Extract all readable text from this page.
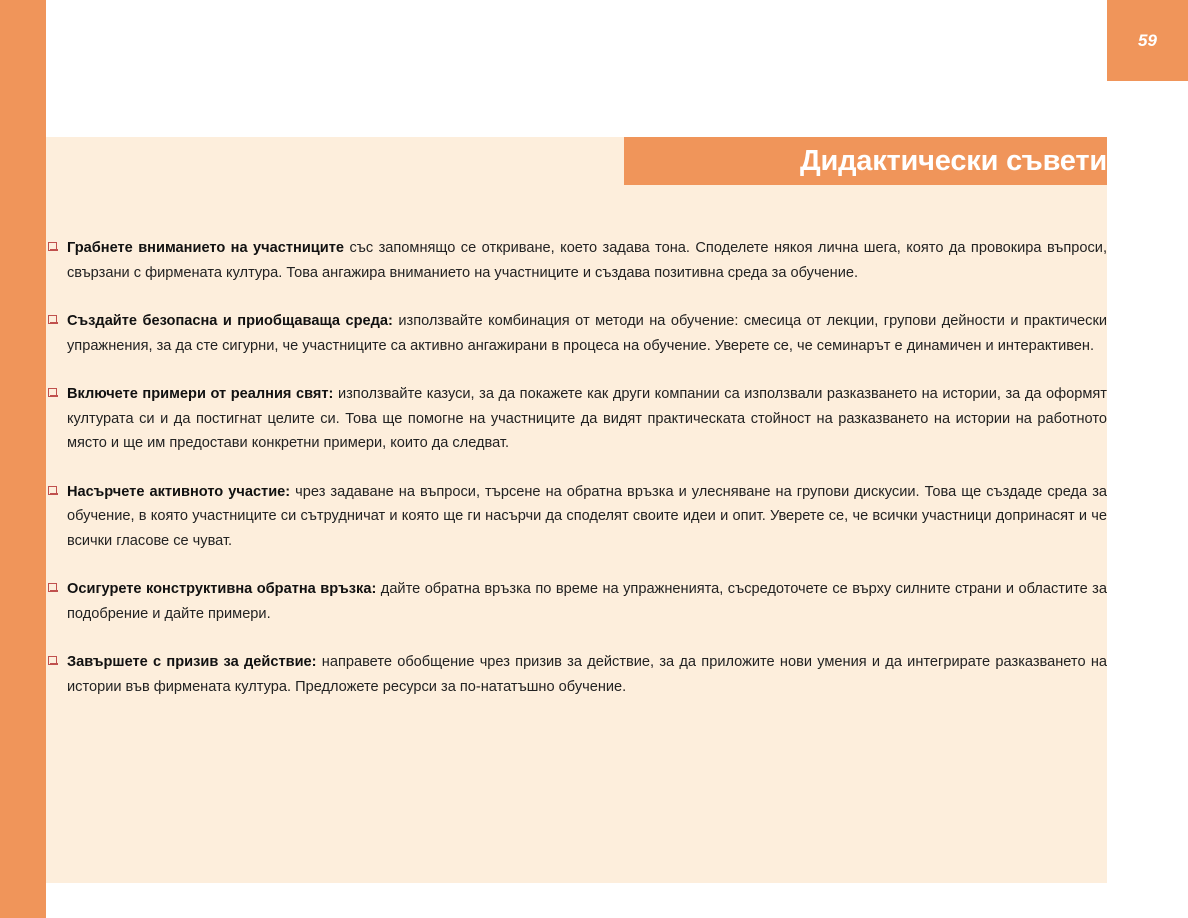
59
Дидактически съвети
Грабнете вниманието на участниците със запомнящо се откриване, което задава тона. Споделете някоя лична шега, която да провокира въпроси, свързани с фирмената култура. Това ангажира вниманието на участниците и създава позитивна среда за обучение.
Създайте безопасна и приобщаваща среда: използвайте комбинация от методи на обучение: смесица от лекции, групови дейности и практически упражнения, за да сте сигурни, че участниците са активно ангажирани в процеса на обучение. Уверете се, че семинарът е динамичен и интерактивен.
Включете примери от реалния свят: използвайте казуси, за да покажете как други компании са използвали разказването на истории, за да оформят културата си и да постигнат целите си. Това ще помогне на участниците да видят практическата стойност на разказването на истории на работното място и ще им предостави конкретни примери, които да следват.
Насърчете активното участие: чрез задаване на въпроси, търсене на обратна връзка и улесняване на групови дискусии. Това ще създаде среда за обучение, в която участниците си сътрудничат и която ще ги насърчи да споделят своите идеи и опит. Уверете се, че всички участници допринасят и че всички гласове се чуват.
Осигурете конструктивна обратна връзка: дайте обратна връзка по време на упражненията, съсредоточете се върху силните страни и областите за подобрение и дайте примери.
Завършете с призив за действие: направете обобщение чрез призив за действие, за да приложите нови умения и да интегрирате разказването на истории във фирмената култура. Предложете ресурси за по-нататъшно обучение.
